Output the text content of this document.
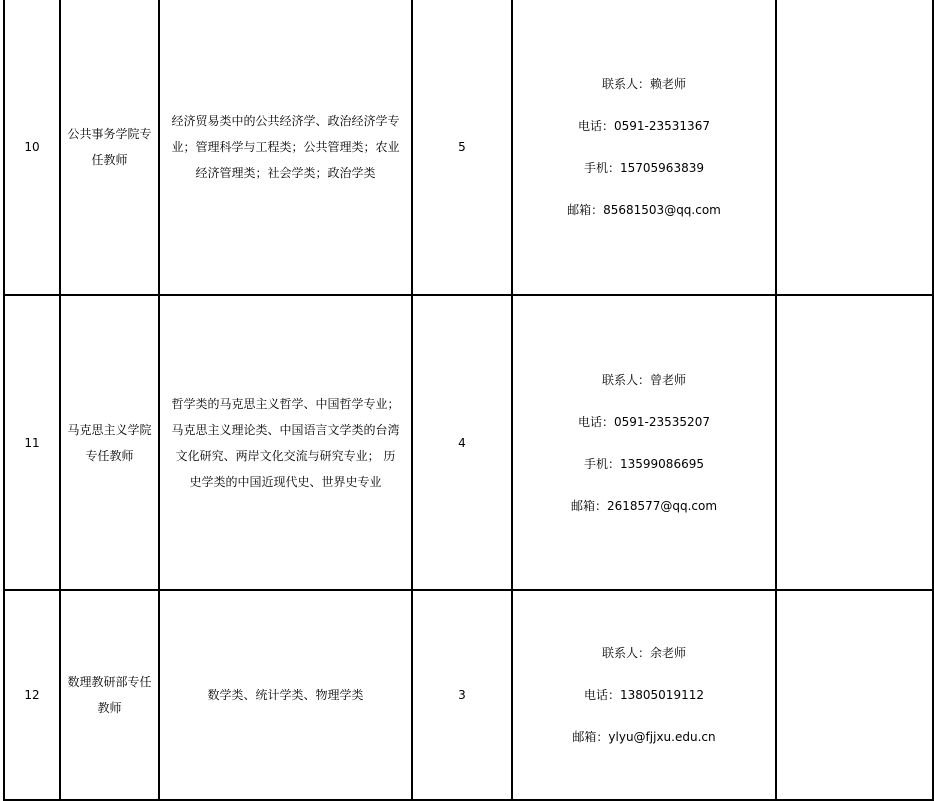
10	公共事务学院专
任教师	经济贸易类中的公共经济学、政治经济学专
业；管理科学与工程类；公共管理类；农业
经济管理类；社会学类；政治学类	5	联系人：赖老师
电话：0591-23531367
手机：15705963839
邮箱：85681503@qq.com	

11	马克思主义学院
专任教师	哲学类的马克思主义哲学、中国哲学专业；
马克思主义理论类、中国语言文学类的台湾
文化研究、两岸文化交流与研究专业； 历
史学类的中国近现代史、世界史专业	4	联系人：曾老师
电话：0591-23535207
手机：13599086695
邮箱：2618577@qq.com	

12	数理教研部专任
教师	数学类、统计学类、物理学类	3	联系人：余老师
电话：13805019112
邮箱：ylyu@fjjxu.edu.cn	
